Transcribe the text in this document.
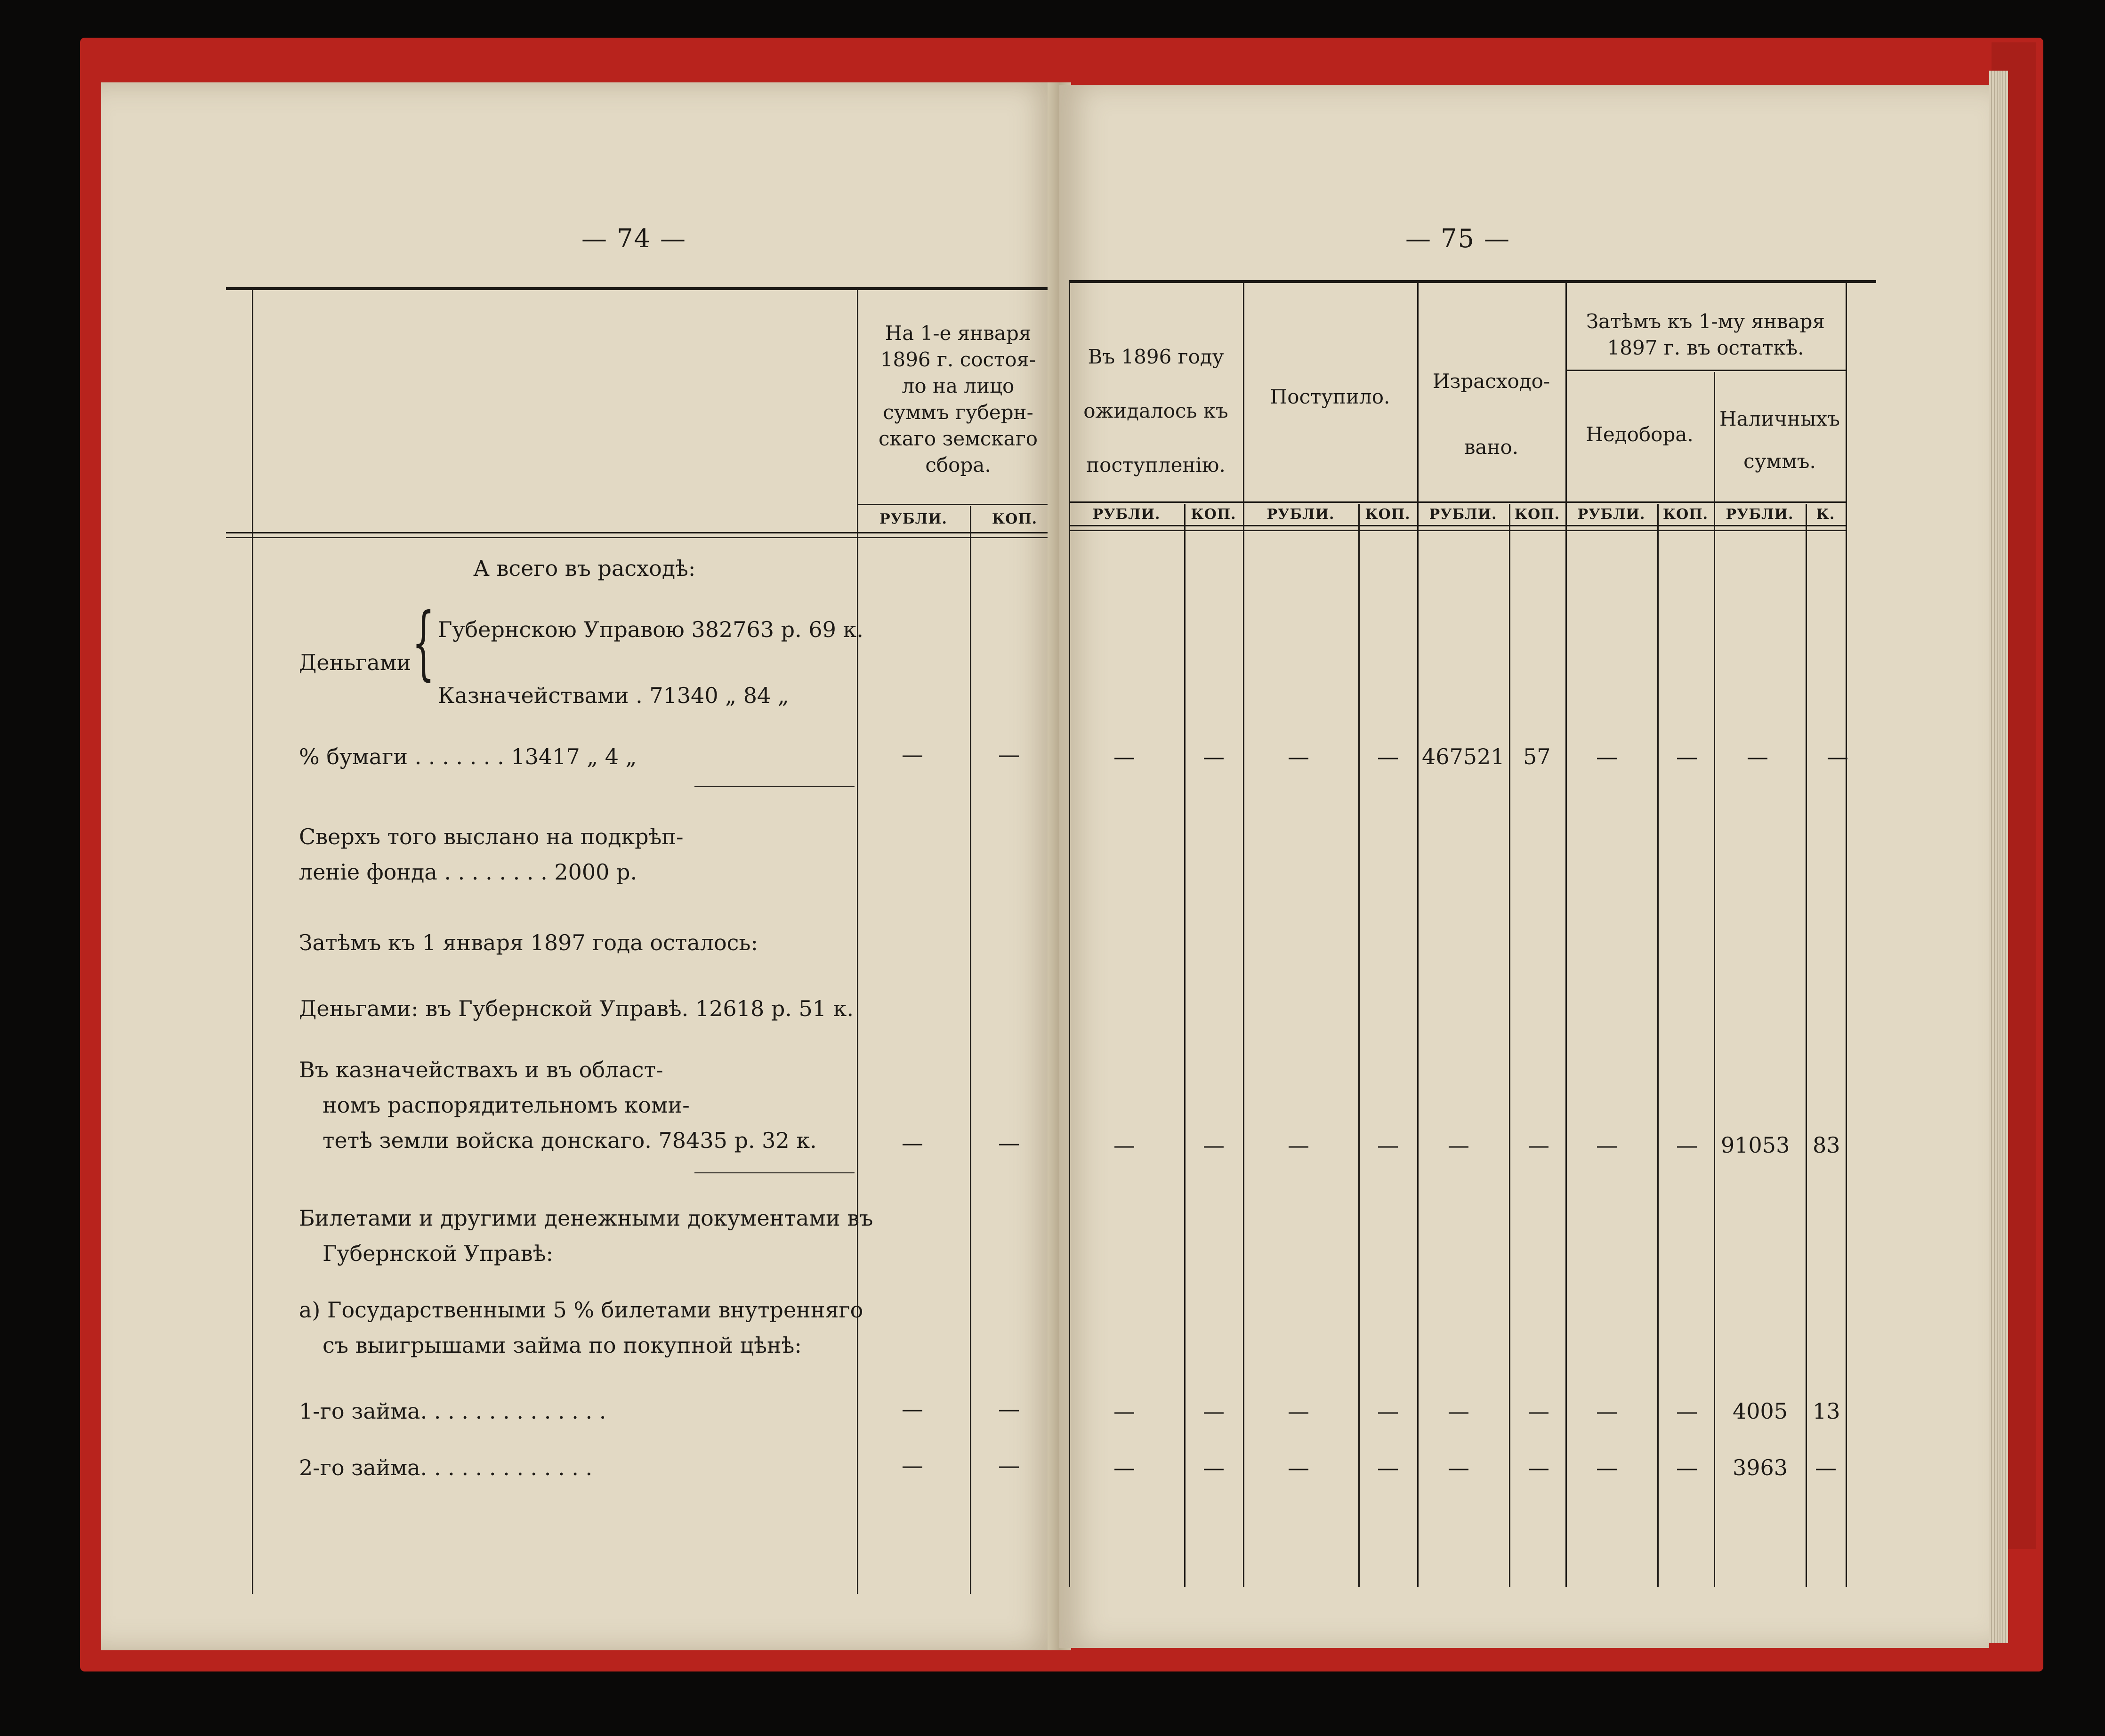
— 74 —
На 1-е января
1896 г. состоя-
ло на лицо
суммъ губерн-
скаго земскаго
сбора.
РУБЛИ.	КОП.
А всего въ расходѣ:
Деньгами { Губернскою Управою 382763 р. 69 к.
Казначействами . 71340 „ 84 „
% бумаги . . . . . . . 13417 „ 4 „	—	—
Сверхъ того выслано на подкрѣп-
леніе фонда . . . . . . . . 2000 р.
Затѣмъ къ 1 января 1897 года осталось:
Деньгами: въ Губернской Управѣ. 12618 р. 51 к.
Въ казначействахъ и въ област-
номъ распорядительномъ коми-
тетѣ земли войска донскаго. 78435 р. 32 к.	—	—
Билетами и другими денежными документами въ
Губернской Управѣ:
а) Государственными 5 % билетами внутренняго
съ выигрышами займа по покупной цѣнѣ:
1-го займа. . . . . . . . . . . . . .	—	—
2-го займа. . . . . . . . . . . . .	—	—
— 75 —
Въ 1896 году
ожидалось къ
поступленію.
Поступило.
Израсходо-
вано.
Затѣмъ къ 1-му января
1897 г. въ остаткѣ.
Недобора.
Наличныхъ
суммъ.
РУБЛИ.	КОП.	РУБЛИ.	КОП.	РУБЛИ.	КОП.	РУБЛИ.	КОП.	РУБЛИ.	К.
—	—	—	— 467521 57 —	— —	—
—	—	—	— —	— —	— 91053 83
—	—	—	— —	— —	— 4005 13
—	—	—	— —	— —	— 3963 —
